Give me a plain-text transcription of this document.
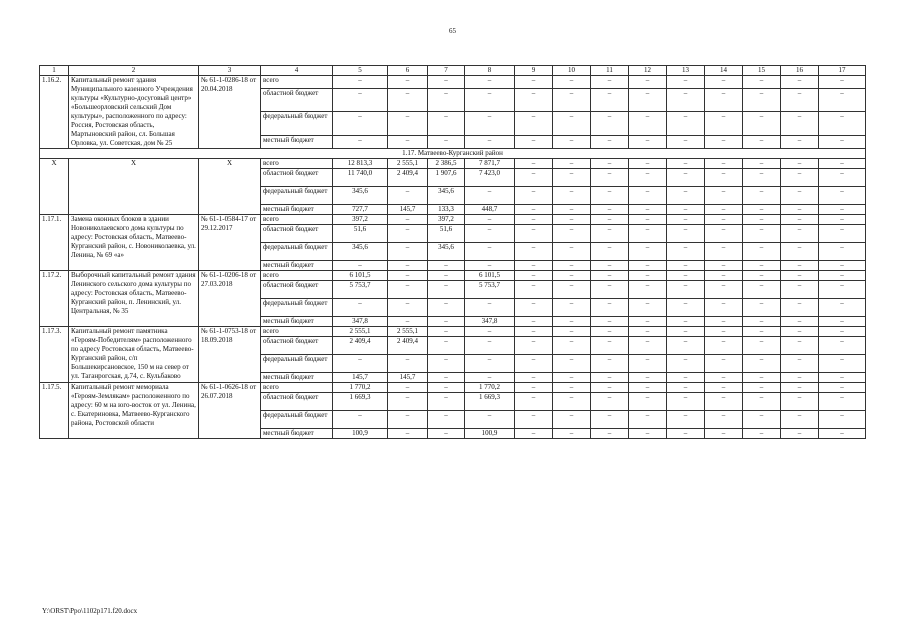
65
1	2	3	4	5	6	7	8	9	10	11	12	13	14	15	16	17
1.16.2.	Капитальный ремонт здания Муниципального казенного Учреждения культуры «Культурно-досуговый центр» «Большеорловский сельский Дом культуры», расположенного по адресу: Россия, Ростовская область, Мартыновский район, сл. Большая Орловка, ул. Советская, дом № 25	№ 61-1-0286-18 от 20.04.2018	всего	–	–	–	–	–	–	–	–	–	–	–	–	–
			областной бюджет	–	–	–	–	–	–	–	–	–	–	–	–	–
			федеральный бюджет	–	–	–	–	–	–	–	–	–	–	–	–	–
			местный бюджет	–	–	–	–	–	–	–	–	–	–	–	–	–
1.17. Матвеево-Курганский район																
Х	Х	Х	всего	12 813,3	2 555,1	2 386,5	7 871,7	–	–	–	–	–	–	–	–	–
			областной бюджет	11 740,0	2 409,4	1 907,6	7 423,0	–	–	–	–	–	–	–	–	–
			федеральный бюджет	345,6	–	345,6	–	–	–	–	–	–	–	–	–	–
			местный бюджет	727,7	145,7	133,3	448,7	–	–	–	–	–	–	–	–	–
1.17.1.	Замена оконных блоков в здании Новониколаевского дома культуры по адресу: Ростовская область, Матвеево-Курганский район, с. Новониколаевка, ул. Ленина, № 69 «а»	№ 61-1-0584-17 от 29.12.2017	всего	397,2	–	397,2	–	–	–	–	–	–	–	–	–	–
			областной бюджет	51,6	–	51,6	–	–	–	–	–	–	–	–	–	–
			федеральный бюджет	345,6	–	345,6	–	–	–	–	–	–	–	–	–	–
			местный бюджет	–	–	–	–	–	–	–	–	–	–	–	–	–
1.17.2.	Выборочный капитальный ремонт здания Ленинского сельского дома культуры по адресу: Ростовская область, Матвеево-Курганский район, п. Ленинский, ул. Центральная, № 35	№ 61-1-0206-18 от 27.03.2018	всего	6 101,5	–	–	6 101,5	–	–	–	–	–	–	–	–	–
			областной бюджет	5 753,7	–	–	5 753,7	–	–	–	–	–	–	–	–	–
			федеральный бюджет	–	–	–	–	–	–	–	–	–	–	–	–	–
			местный бюджет	347,8	–	–	347,8	–	–	–	–	–	–	–	–	–
1.17.3.	Капитальный ремонт памятника «Героям-Победителям» расположенного по адресу Ростовская область, Матвеево-Курганский район, с/п Большекирсановское, 150 м на север от ул. Таганрогская, д.74, с. Кульбаково	№ 61-1-0753-18 от 18.09.2018	всего	2 555,1	2 555,1	–	–	–	–	–	–	–	–	–	–	–
			областной бюджет	2 409,4	2 409,4	–	–	–	–	–	–	–	–	–	–	–
			федеральный бюджет	–	–	–	–	–	–	–	–	–	–	–	–	–
			местный бюджет	145,7	145,7	–	–	–	–	–	–	–	–	–	–	–
1.17.5.	Капитальный ремонт мемориала «Героям-Землякам» расположенного по адресу: 60 м на юго-восток от ул. Ленина, с. Екатериновка, Матвеево-Курганского района, Ростовской области	№ 61-1-0626-18 от 26.07.2018	всего	1 770,2	–	–	1 770,2	–	–	–	–	–	–	–	–	–
			областной бюджет	1 669,3	–	–	1 669,3	–	–	–	–	–	–	–	–	–
			федеральный бюджет	–	–	–	–	–	–	–	–	–	–	–	–	–
			местный бюджет	100,9	–	–	100,9	–	–	–	–	–	–	–	–	–
Y:\ORST\Ppo\1102p171.f20.docx
